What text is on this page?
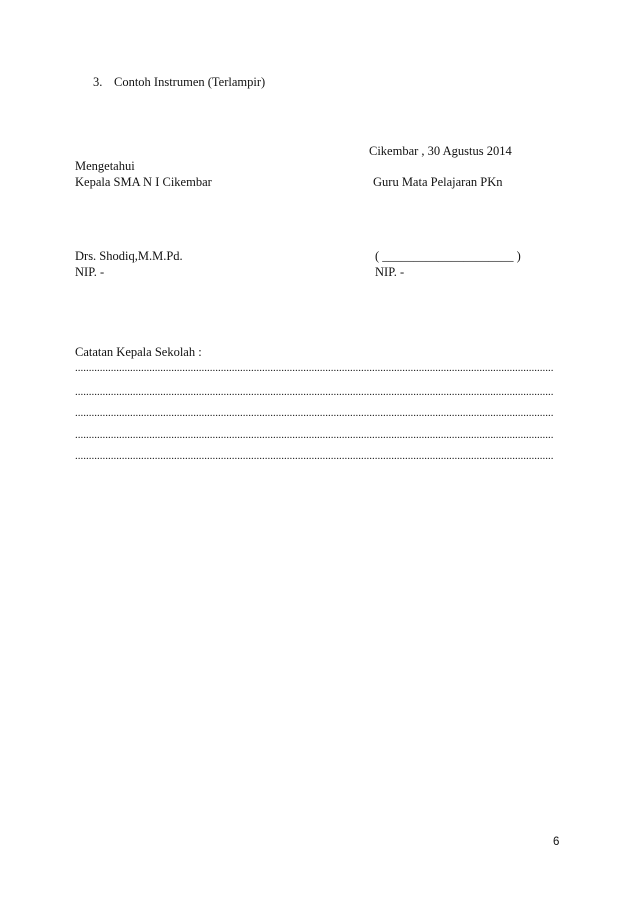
3. Contoh Instrumen (Terlampir)
Cikembar , 30 Agustus 2014
Mengetahui
Kepala SMA N I Cikembar	Guru Mata Pelajaran PKn
Drs. Shodiq,M.M.Pd.
NIP. -
( _____________________ )
NIP. -
Catatan Kepala Sekolah :
..............................................................................................................................................................................
..............................................................................................................................................................................
..............................................................................................................................................................................
..............................................................................................................................................................................
..............................................................................................................................................................................
6
